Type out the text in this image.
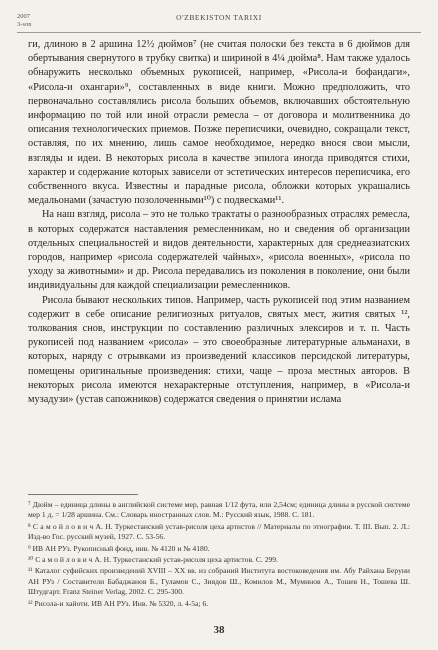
2007
3-son
O'ZBEKISTON TARIXI

ги, длиною в 2 аршина 12½ дюймов⁷ (не считая полоски без текста в 6 дюймов для обертывания свернутого в трубку свитка) и шириной в 4¼ дюйма⁸. Нам также удалось обнаружить несколько объемных рукописей, например, «Рисола-и бофандаги», «Рисола-и охангари»⁹, составленных в виде книги. Можно предположить, что первоначально составлялись рисола больших объемов, включавших обстоятельную информацию по той или иной отрасли ремесла – от договора и молитвенника до описания технологических приемов. Позже переписчики, очевидно, сокращали текст, оставляя, по их мнению, лишь самое необходимое, нередко внося свои мысли, взгляды и идеи. В некоторых рисола в качестве эпилога иногда приводятся стихи, характер и содержание которых зависели от эстетических интересов переписчика, его собственного вкуса. Известны и парадные рисола, обложки которых украшались медальонами (зачастую позолоченными¹⁰) с подвесками¹¹.

На наш взгляд, рисола – это не только трактаты о разнообразных отраслях ремесла, в которых содержатся наставления ремесленникам, но и сведения об организации отдельных специальностей и видов деятельности, характерных для среднеазиатских городов, например «рисола содержателей чайных», «рисола военных», «рисола по уходу за животными» и др. Рисола передавались из поколения в поколение, они были индивидуальны для каждой специализации ремесленников.

Рисола бывают нескольких типов. Например, часть рукописей под этим названием содержит в себе описание религиозных ритуалов, святых мест, жития святых ¹², толкования снов, инструкции по составлению различных элексиров и т. п. Часть рукописей под названием «рисола» – это своеобразные литературные альманахи, в которых, наряду с отрывками из произведений классиков персидской литературы, помещены оригинальные произведения: стихи, чаще – проза местных авторов. В некоторых рисола имеются нехарактерные отступления, например, в «Рисола-и музадузи» (устав сапожников) содержатся сведения о принятии ислама

⁷ Дюйм – единица длины в английской системе мер, равная 1/12 фута, или 2,54см; единица длины в русской системе мер 1 д. = 1/28 аршина. См.: Словарь иностранных слов. М.: Русский язык, 1988. С. 181.

⁸ С а м о й л о в и ч А. Н. Туркестанский устав-рисоля цеха артистов // Материалы по этнографии. Т. III. Вып. 2. Л.: Изд-во Гос. русский музей, 1927. С. 53-56.

⁹ ИВ АН РУз. Рукописный фонд, инв. № 4120 и № 4180.

¹⁰ С а м о й л о в и ч А. Н. Туркестанский устав-рисоля цеха артистов. С. 299.

¹¹ Каталог суфийских произведений XVIII – XX вв. из собраний Института востоковедения им. Абу Райхана Беруни АН РУз / Составители Бабаджанов Б., Гуламов С., Зиядов Ш., Комилов М., Муминов А., Тошев Н., Тошева Ш. Штудгарт. Franz Steiner Verlag, 2002. С. 295-300.

¹² Рисола-и хайоти. ИВ АН РУз. Инв. № 5320, л. 4-5а; 6.

38
